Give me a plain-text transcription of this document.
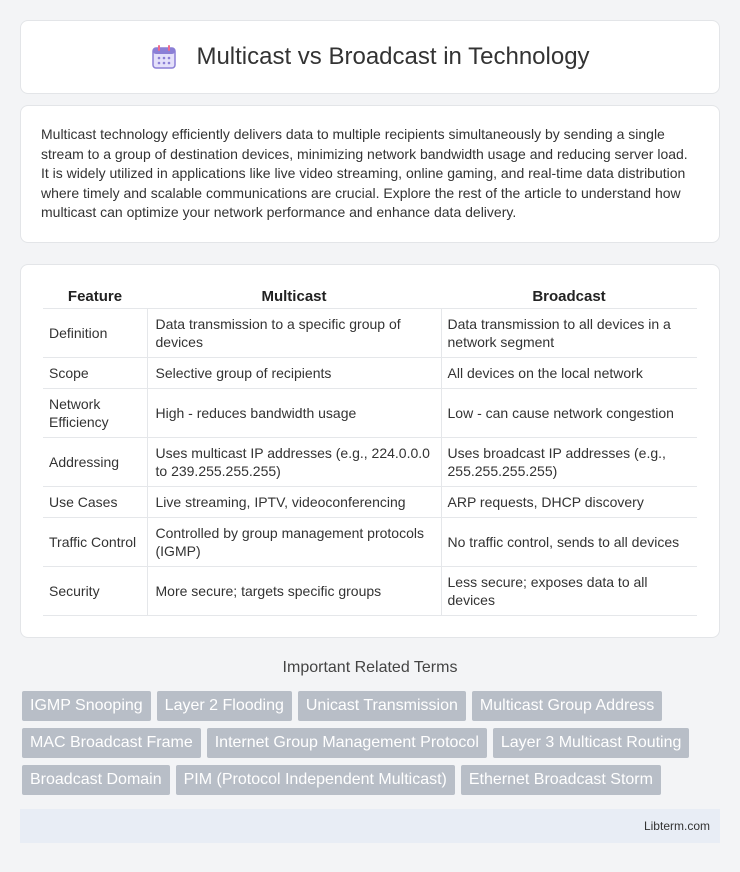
Multicast vs Broadcast in Technology

Multicast technology efficiently delivers data to multiple recipients simultaneously by sending a single stream to a group of destination devices, minimizing network bandwidth usage and reducing server load. It is widely utilized in applications like live video streaming, online gaming, and real-time data distribution where timely and scalable communications are crucial. Explore the rest of the article to understand how multicast can optimize your network performance and enhance data delivery.

Feature	Multicast	Broadcast
Definition	Data transmission to a specific group of devices	Data transmission to all devices in a network segment
Scope	Selective group of recipients	All devices on the local network
Network Efficiency	High - reduces bandwidth usage	Low - can cause network congestion
Addressing	Uses multicast IP addresses (e.g., 224.0.0.0 to 239.255.255.255)	Uses broadcast IP addresses (e.g., 255.255.255.255)
Use Cases	Live streaming, IPTV, videoconferencing	ARP requests, DHCP discovery
Traffic Control	Controlled by group management protocols (IGMP)	No traffic control, sends to all devices
Security	More secure; targets specific groups	Less secure; exposes data to all devices
Important Related Terms
IGMP Snooping	Layer 2 Flooding	Unicast Transmission	Multicast Group Address
MAC Broadcast Frame	Internet Group Management Protocol	Layer 3 Multicast Routing
Broadcast Domain	PIM (Protocol Independent Multicast)	Ethernet Broadcast Storm
Libterm.com
